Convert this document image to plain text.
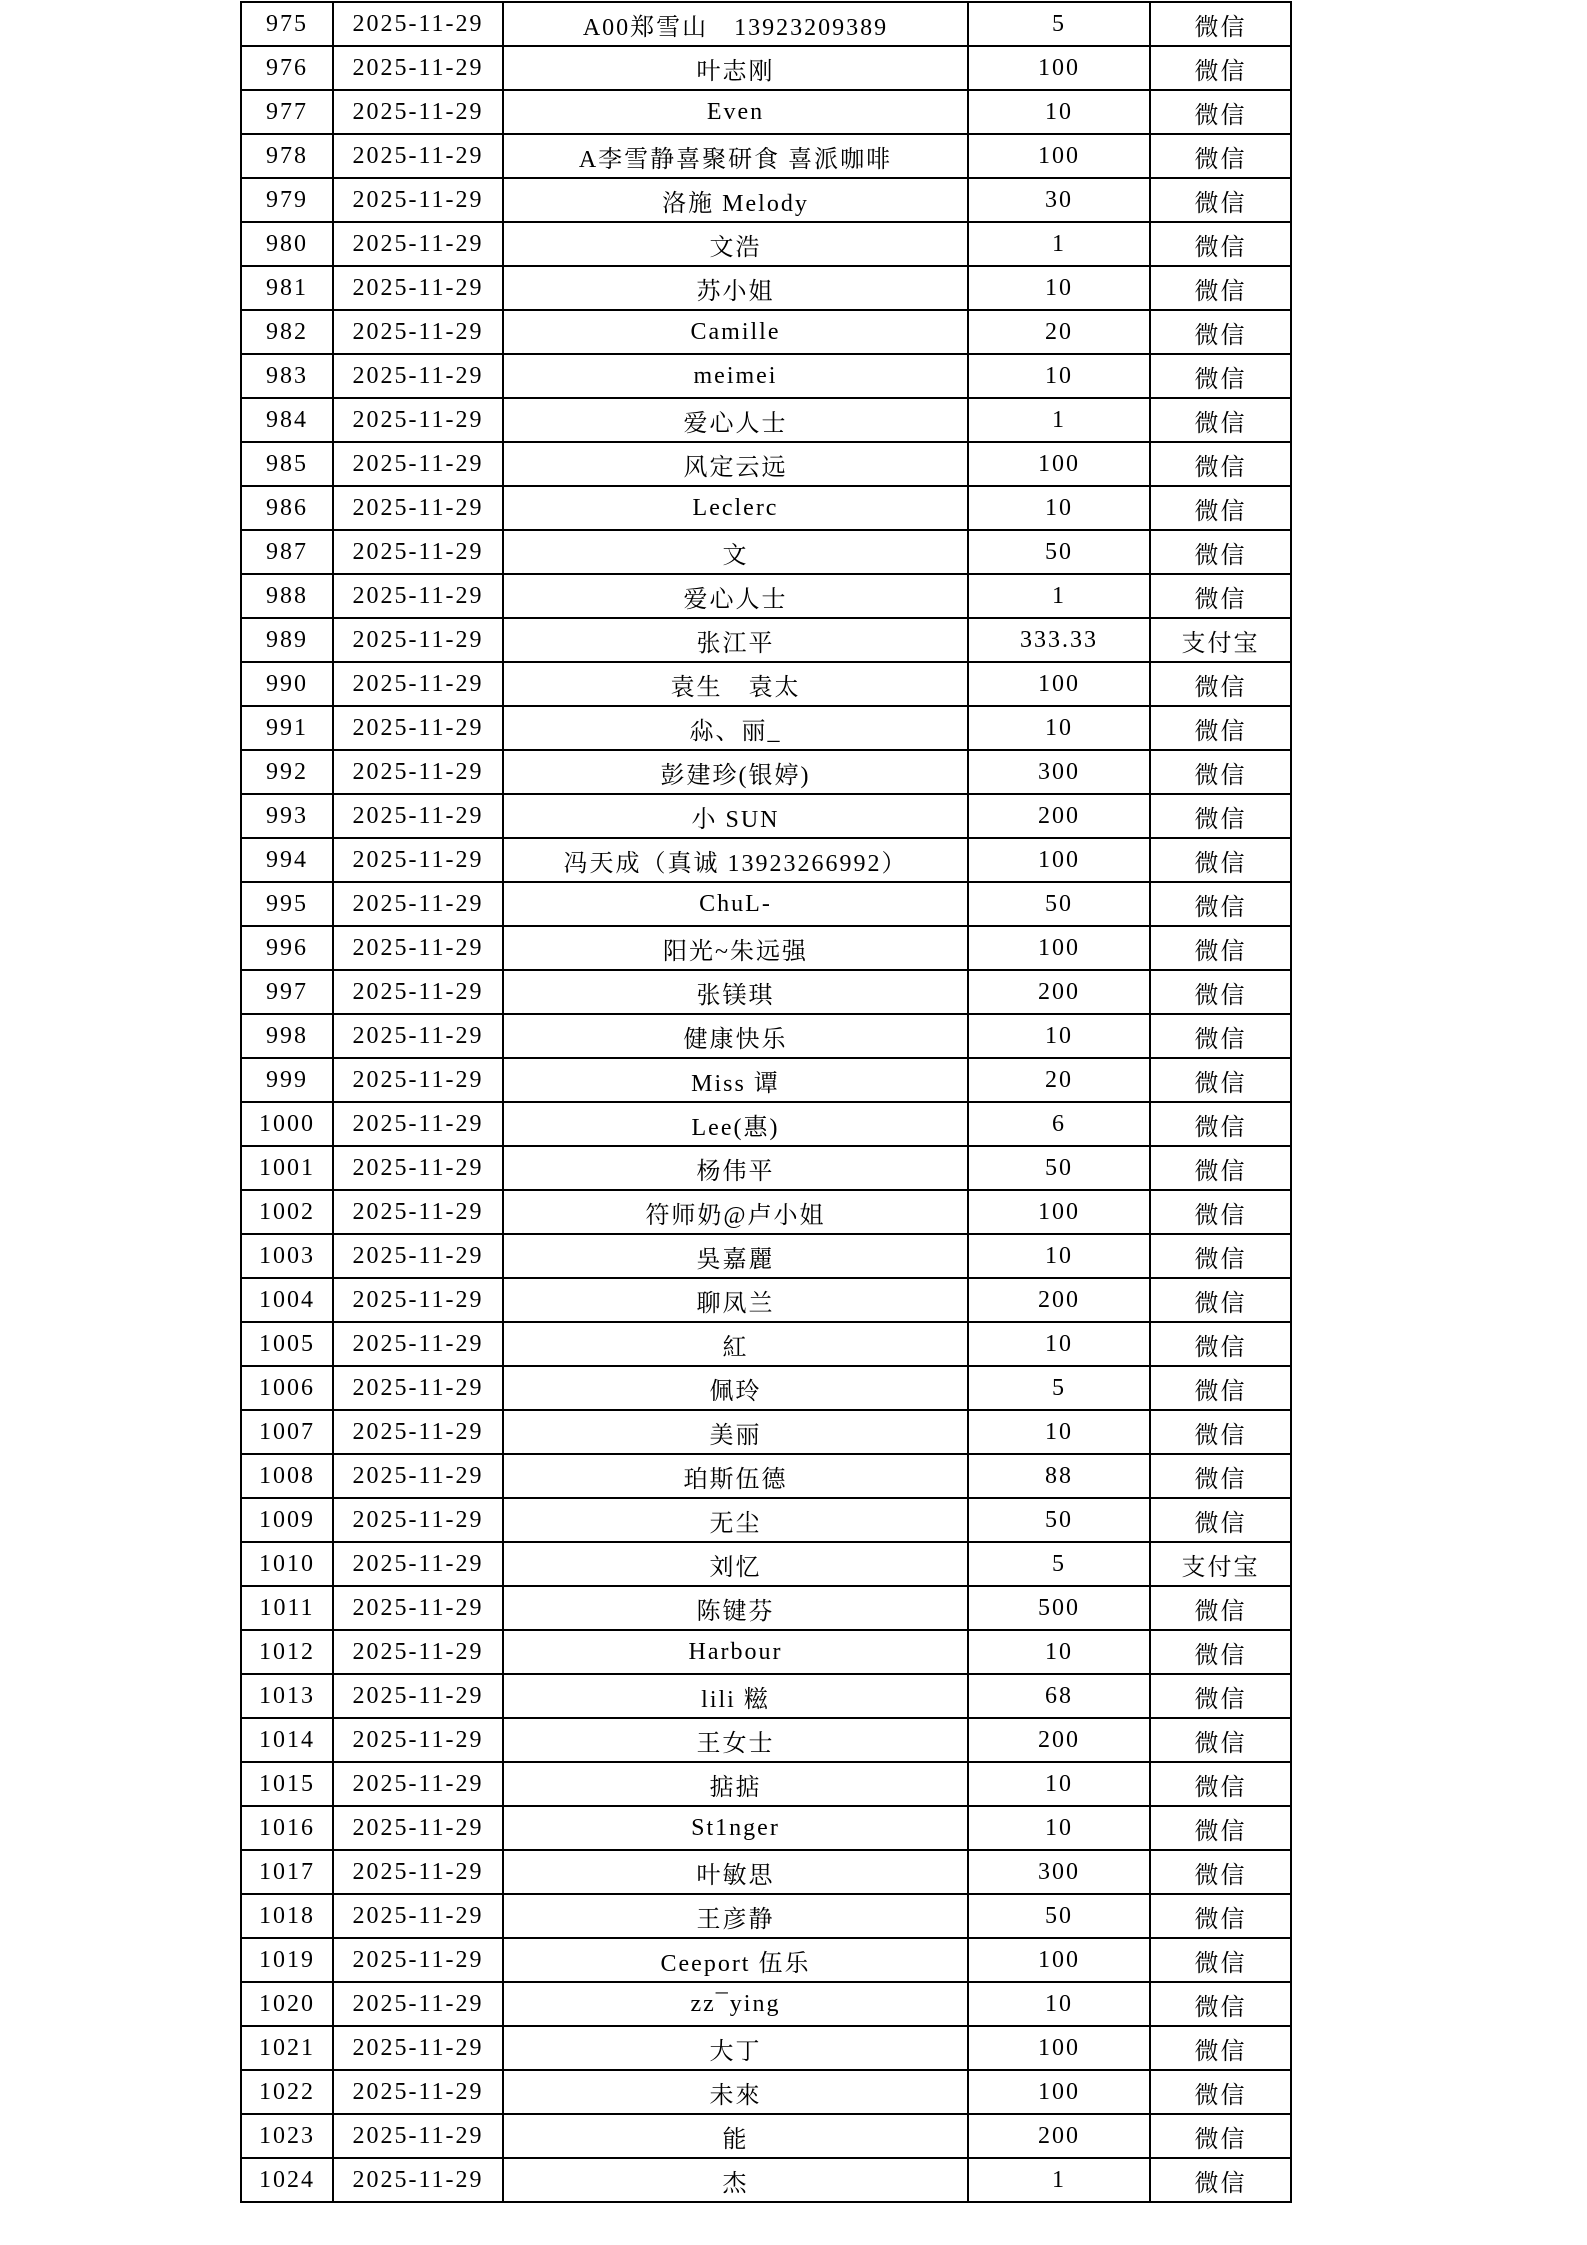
975	2025-11-29	A00郑雪山　13923209389	5	微信
976	2025-11-29	叶志刚	100	微信
977	2025-11-29	Even	10	微信
978	2025-11-29	A李雪静喜聚研食 喜派咖啡	100	微信
979	2025-11-29	洛施 Melody	30	微信
980	2025-11-29	文浩	1	微信
981	2025-11-29	苏小姐	10	微信
982	2025-11-29	Camille	20	微信
983	2025-11-29	meimei	10	微信
984	2025-11-29	爱心人士	1	微信
985	2025-11-29	风定云远	100	微信
986	2025-11-29	Leclerc	10	微信
987	2025-11-29	文	50	微信
988	2025-11-29	爱心人士	1	微信
989	2025-11-29	张江平	333.33	支付宝
990	2025-11-29	袁生　袁太	100	微信
991	2025-11-29	尛、丽_	10	微信
992	2025-11-29	彭建珍(银婷)	300	微信
993	2025-11-29	小 SUN	200	微信
994	2025-11-29	冯天成（真诚 13923266992）	100	微信
995	2025-11-29	ChuL-	50	微信
996	2025-11-29	阳光~朱远强	100	微信
997	2025-11-29	张镁琪	200	微信
998	2025-11-29	健康快乐	10	微信
999	2025-11-29	Miss 谭	20	微信
1000	2025-11-29	Lee(惠)	6	微信
1001	2025-11-29	杨伟平	50	微信
1002	2025-11-29	符师奶@卢小姐	100	微信
1003	2025-11-29	吳嘉麗	10	微信
1004	2025-11-29	聊凤兰	200	微信
1005	2025-11-29	紅	10	微信
1006	2025-11-29	佩玲	5	微信
1007	2025-11-29	美丽	10	微信
1008	2025-11-29	珀斯伍德	88	微信
1009	2025-11-29	无尘	50	微信
1010	2025-11-29	刘忆	5	支付宝
1011	2025-11-29	陈键芬	500	微信
1012	2025-11-29	Harbour	10	微信
1013	2025-11-29	lili 糍	68	微信
1014	2025-11-29	王女士	200	微信
1015	2025-11-29	掂掂	10	微信
1016	2025-11-29	St1nger	10	微信
1017	2025-11-29	叶敏思	300	微信
1018	2025-11-29	王彦静	50	微信
1019	2025-11-29	Ceeport 伍乐	100	微信
1020	2025-11-29	zz¯ying	10	微信
1021	2025-11-29	大丁	100	微信
1022	2025-11-29	未來	100	微信
1023	2025-11-29	能	200	微信
1024	2025-11-29	杰	1	微信
